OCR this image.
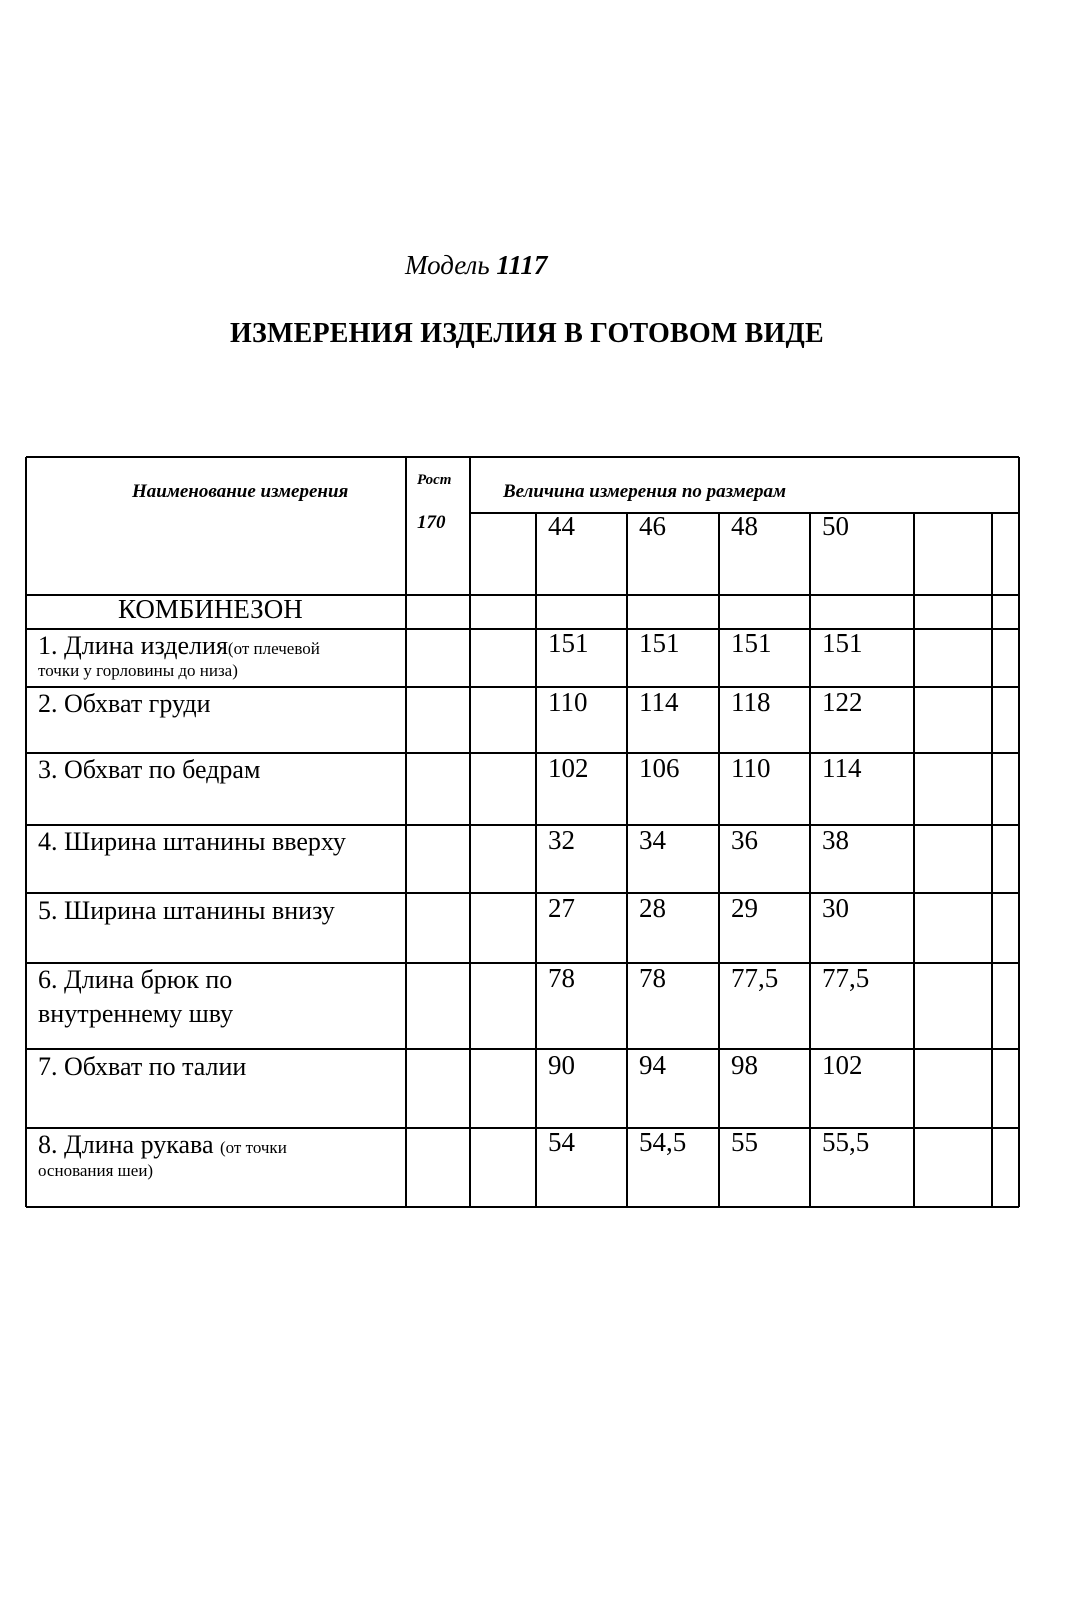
Модель 1117
ИЗМЕРЕНИЯ ИЗДЕЛИЯ В ГОТОВОМ ВИДЕ
Наименование измерения
Рост
170
Величина измерения по размерам
44 46 48 50
КОМБИНЕЗОН
1. Длина изделия(от плечевой
точки у горловины до низа)
151 151 151 151
2. Обхват груди	110 114 118 122
3. Обхват по бедрам	102 106 110 114
4. Ширина штанины вверху	32 34 36 38
5. Ширина штанины внизу	27 28 29 30
6. Длина брюк по
внутреннему шву
78 78 77,5 77,5
7. Обхват по талии	90 94 98 102
8. Длина рукава (от точки
основания шеи)
54 54,5 55 55,5
